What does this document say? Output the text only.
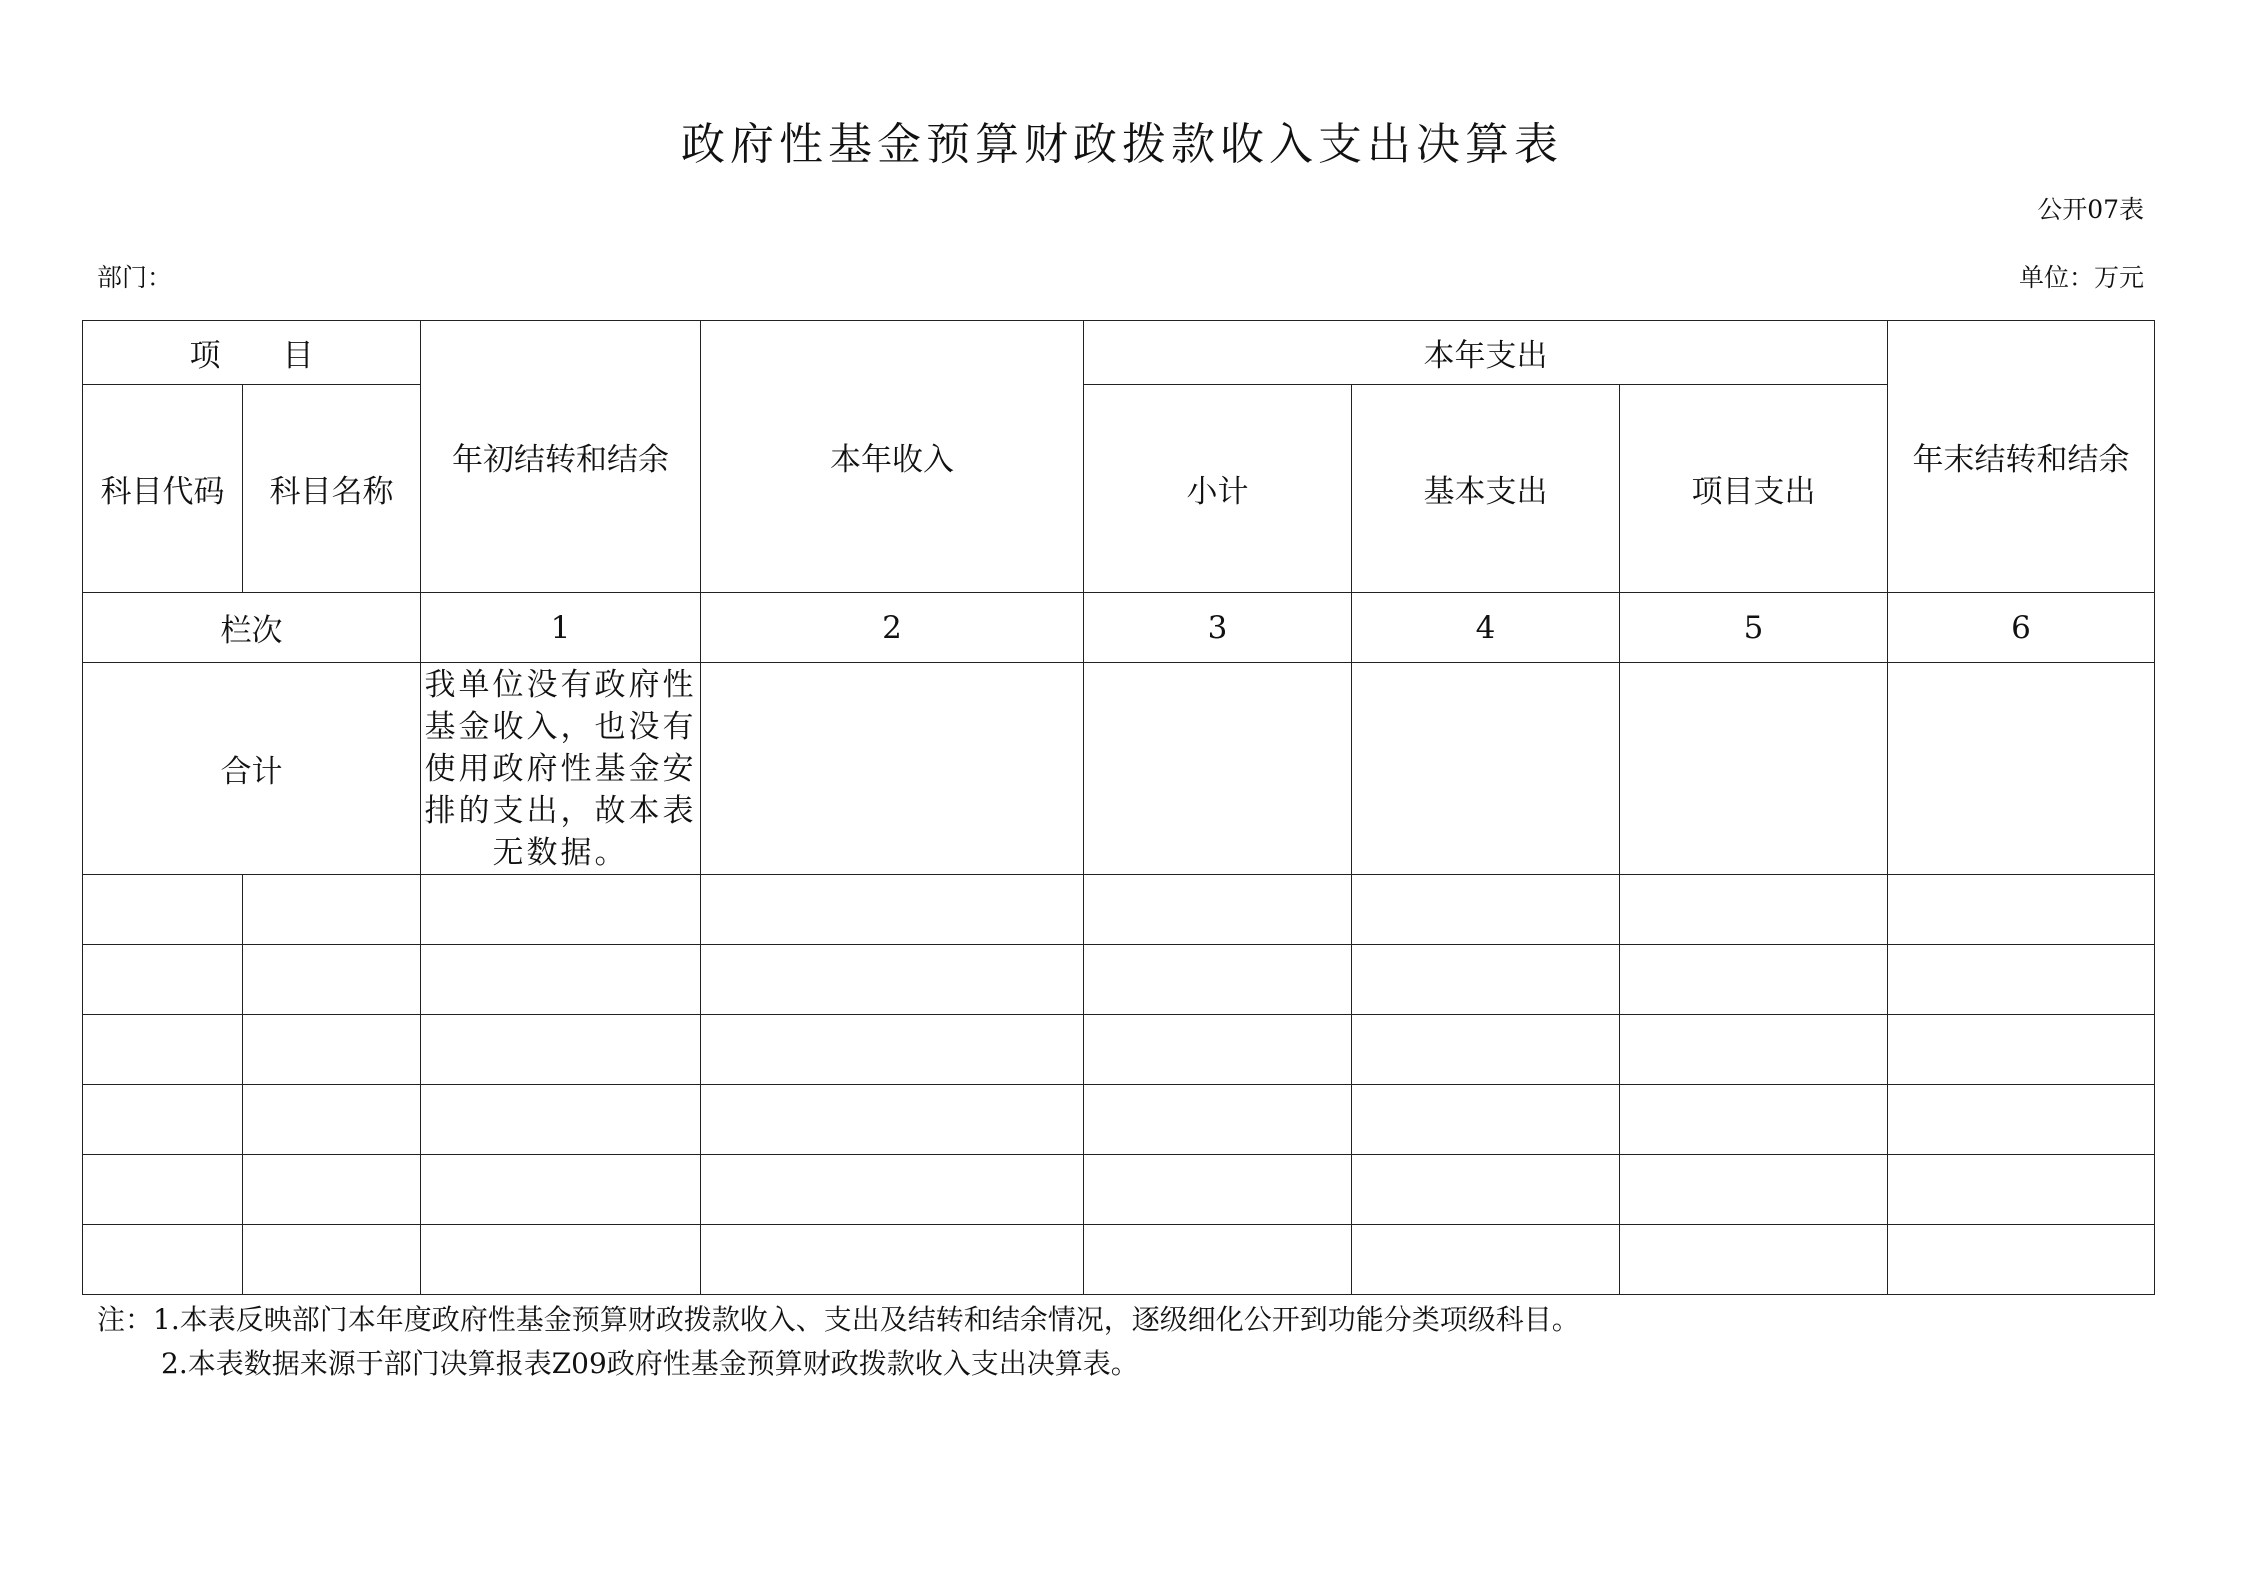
政府性基金预算财政拨款收入支出决算表
公开07表
部门：	单位：万元
项　　目		年初结转和结余	本年收入	本年支出			年末结转和结余
科目代码	科目名称			小计	基本支出	项目支出	
栏次		1	2	3	4	5	6
合计		我单位没有政府性基金收入，也没有使用政府性基金安排的支出，故本表无数据。					

注：1.本表反映部门本年度政府性基金预算财政拨款收入、支出及结转和结余情况，逐级细化公开到功能分类项级科目。
2.本表数据来源于部门决算报表Z09政府性基金预算财政拨款收入支出决算表。
